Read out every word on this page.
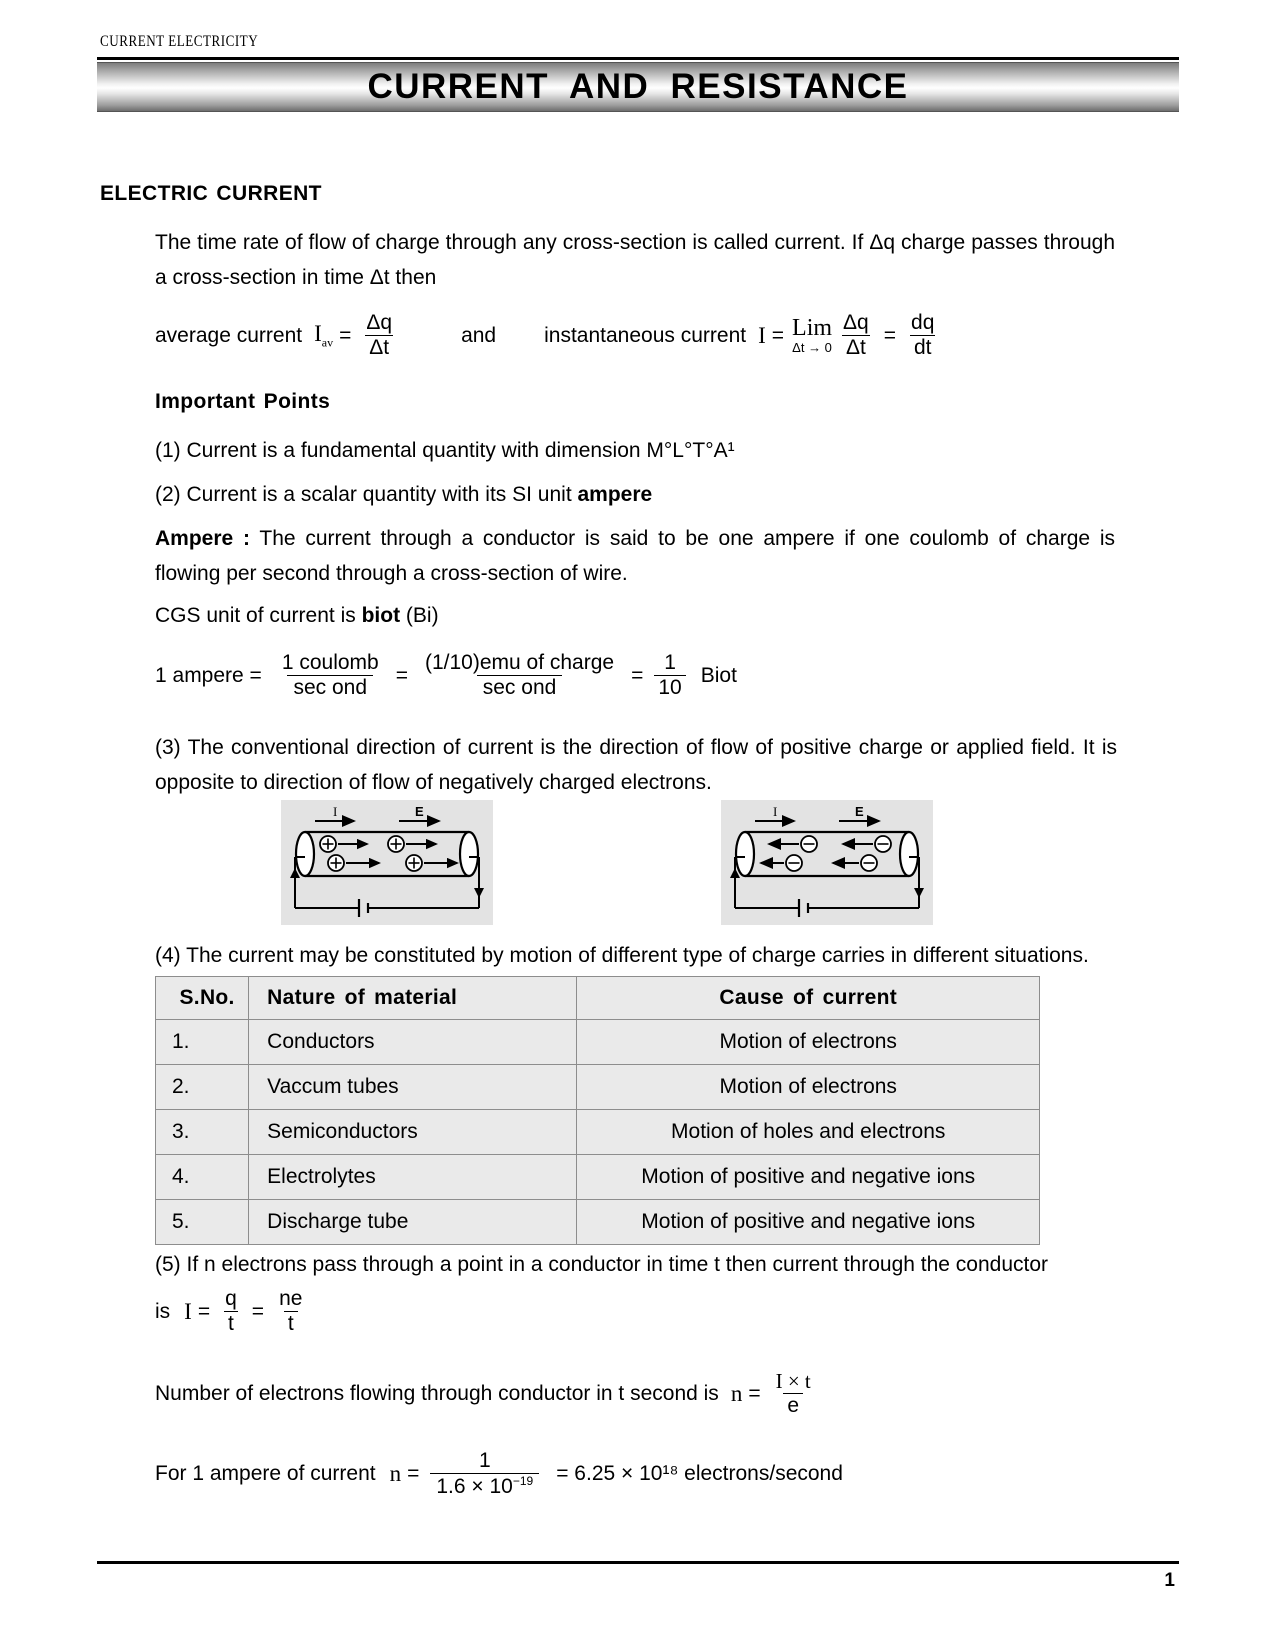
CURRENT ELECTRICITY
CURRENT AND RESISTANCE
ELECTRIC CURRENT
The time rate of flow of charge through any cross-section is called current. If Δq charge passes through a cross-section in time Δt then
average current $I_{av} = \frac{\Delta q}{\Delta t}$	and instantaneous current I = Lim
$\Delta t \to 0 \frac{\Delta q}{\Delta t} = \frac{dq}{dt}$
Important Points
(1) Current is a fundamental quantity with dimension M°L°T°A¹
(2) Current is a scalar quantity with its SI unit ampere
Ampere : The current through a conductor is said to be one ampere if one coulomb of charge is flowing per second through a cross-section of wire.
CGS unit of current is biot (Bi)
1 ampere = $\frac{\text{1 coulomb}}{\text{sec ond}} = \frac{\text{(1/10)emu of charge}}{\text{sec ond}} = \frac{1}{10}$ Biot
(3) The conventional direction of current is the direction of flow of positive charge or applied field. It is opposite to direction of flow of negatively charged electrons.
I	E	I	E
(4) The current may be constituted by motion of different type of charge carries in different situations.
S.No.	Nature of material	Cause of current
1.	Conductors	Motion of electrons
2.	Vaccum tubes	Motion of electrons
3.	Semiconductors	Motion of holes and electrons
4.	Electrolytes	Motion of positive and negative ions
5.	Discharge tube	Motion of positive and negative ions
(5) If n electrons pass through a point in a conductor in time t then current through the conductor
is $I = \frac{q}{t} = \frac{ne}{t}$
Number of electrons flowing through conductor in t second is $n = \frac{I \times t}{e}$
For 1 ampere of current $n = \frac{1}{1.6 \times 10^{-19}} = 6.25 \times 10^{18}$ electrons/second
1
